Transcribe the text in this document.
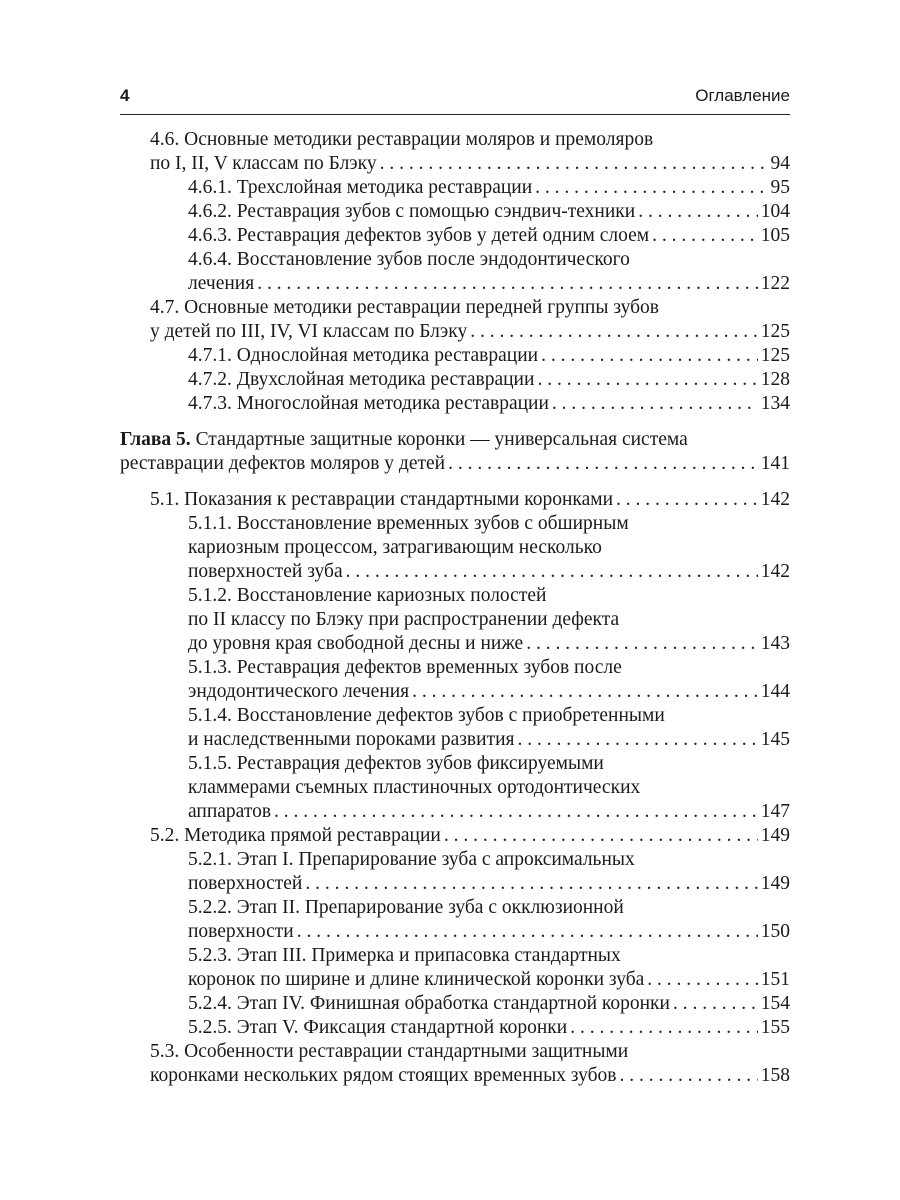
4	Оглавление
4.6. Основные методики реставрации моляров и премоляров
по I, II, V классам по Блэку . . .	94
4.6.1. Трехслойная методика реставрации . . .	95
4.6.2. Реставрация зубов с помощью сэндвич-техники . . .	104
4.6.3. Реставрация дефектов зубов у детей одним слоем . . .	105
4.6.4. Восстановление зубов после эндодонтического
лечения . . .	122
4.7. Основные методики реставрации передней группы зубов
у детей по III, IV, VI классам по Блэку . . .	125
4.7.1. Однослойная методика реставрации . . .	125
4.7.2. Двухслойная методика реставрации . . .	128
4.7.3. Многослойная методика реставрации . . .	134
Глава 5. Стандартные защитные коронки — универсальная система
реставрации дефектов моляров у детей . . .	141
5.1. Показания к реставрации стандартными коронками . . .	142
5.1.1. Восстановление временных зубов с обширным
кариозным процессом, затрагивающим несколько
поверхностей зуба . . .	142
5.1.2. Восстановление кариозных полостей
по II классу по Блэку при распространении дефекта
до уровня края свободной десны и ниже . . .	143
5.1.3. Реставрация дефектов временных зубов после
эндодонтического лечения . . .	144
5.1.4. Восстановление дефектов зубов с приобретенными
и наследственными пороками развития . . .	145
5.1.5. Реставрация дефектов зубов фиксируемыми
кламмерами съемных пластиночных ортодонтических
аппаратов . . .	147
5.2. Методика прямой реставрации . . .	149
5.2.1. Этап I. Препарирование зуба с апроксимальных
поверхностей . . .	149
5.2.2. Этап II. Препарирование зуба с окклюзионной
поверхности . . .	150
5.2.3. Этап III. Примерка и припасовка стандартных
коронок по ширине и длине клинической коронки зуба . . .	151
5.2.4. Этап IV. Финишная обработка стандартной коронки . . .	154
5.2.5. Этап V. Фиксация стандартной коронки . . .	155
5.3. Особенности реставрации стандартными защитными
коронками нескольких рядом стоящих временных зубов . . .	158
